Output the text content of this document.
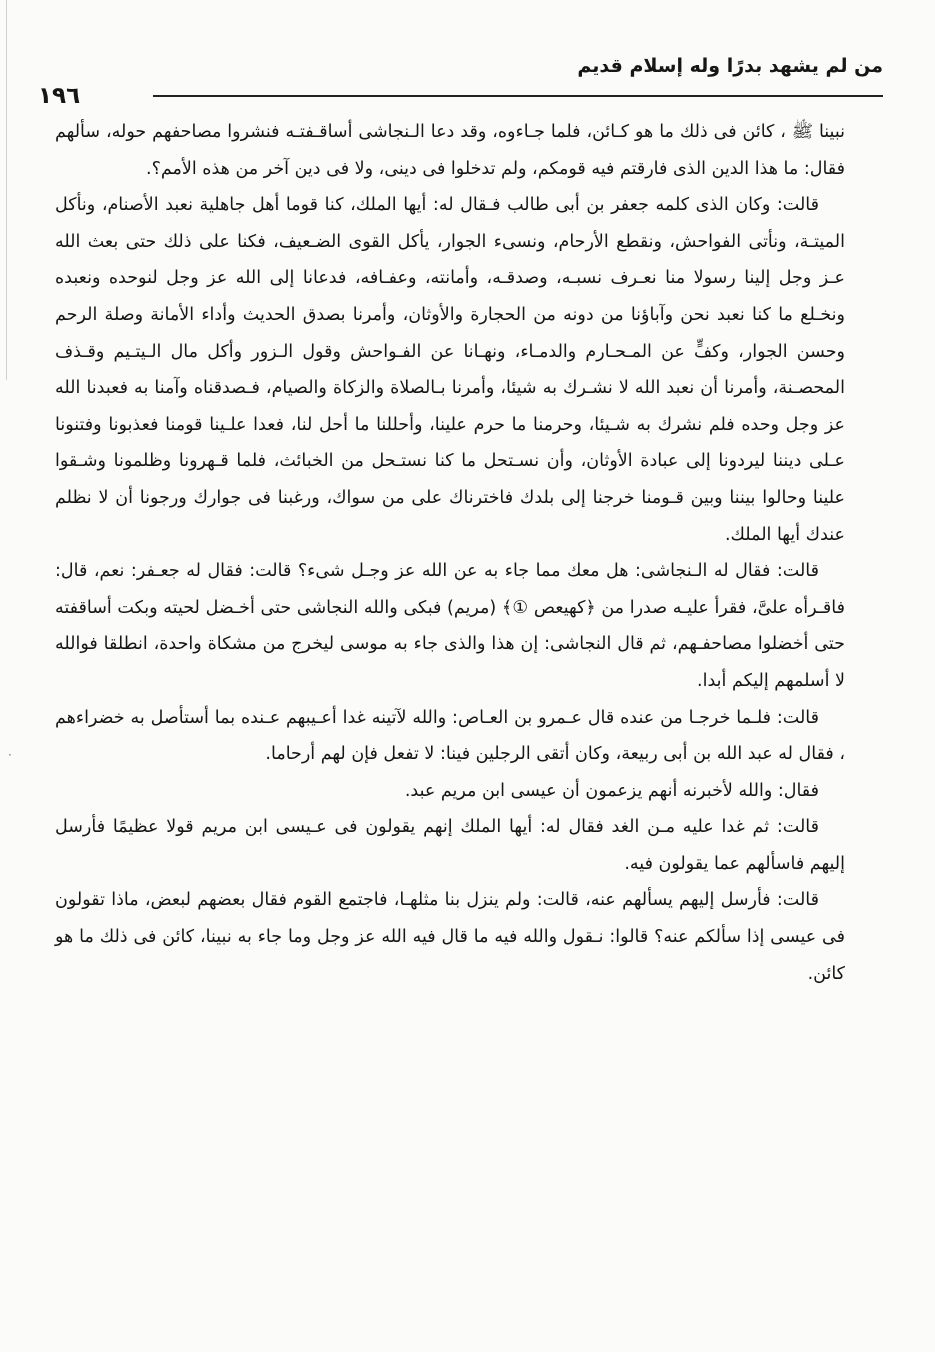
·
من لم يشهد بدرًا وله إسلام قديم
١٩٦

نبينا ﷺ ، كائن فى ذلك ما هو كـائن، فلما جـاءوه، وقد دعا الـنجاشى أساقـفتـه فنشروا مصاحفهم حوله، سألهم فقال: ما هذا الدين الذى فارقتم فيه قومكم، ولم تدخلوا فى دينى، ولا فى دين آخر من هذه الأمم؟.

قالت: وكان الذى كلمه جعفر بن أبى طالب فـقال له: أيها الملك، كنا قوما أهل جاهلية نعبد الأصنام، ونأكل الميتـة، ونأتى الفواحش، ونقطع الأرحام، ونسىء الجوار، يأكل القوى الضـعيف، فكنا على ذلك حتى بعث الله عـز وجل إلينا رسولا منا نعـرف نسبـه، وصدقـه، وأمانته، وعفـافه، فدعانا إلى الله عز وجل لنوحده ونعبده ونخـلع ما كنا نعبد نحن وآباؤنا من دونه من الحجارة والأوثان، وأمرنا بصدق الحديث وأداء الأمانة وصلة الرحم وحسن الجوار، وكفٍّ عن المـحـارم والدمـاء، ونهـانا عن الفـواحش وقول الـزور وأكل مال الـيتـيم وقـذف المحصـنة، وأمرنا أن نعبد الله لا نشـرك به شيئا، وأمرنا بـالصلاة والزكاة والصيام، فـصدقناه وآمنا به فعبدنا الله عز وجل وحده فلم نشرك به شـيئا، وحرمنا ما حرم علينا، وأحللنا ما أحل لنا، فعدا علـينا قومنا فعذبونا وفتنونا عـلى ديننا ليردونا إلى عبادة الأوثان، وأن نسـتحل ما كنا نستـحل من الخبائث، فلما قـهرونا وظلمونا وشـقوا علينا وحالوا بيننا وبين قـومنا خرجنا إلى بلدك فاخترناك على من سواك، ورغبنا فى جوارك ورجونا أن لا نظلم عندك أيها الملك.

قالت: فقال له الـنجاشى: هل معك مما جاء به عن الله عز وجـل شىء؟ قالت: فقال له جعـفر: نعم، قال: فاقـرأه علىَّ، فقرأ عليـه صدرا من ﴿كهيعص ①﴾ (مريم) فبكى والله النجاشى حتى أخـضل لحيته وبكت أساقفته حتى أخضلوا مصاحفـهم، ثم قال النجاشى: إن هذا والذى جاء به موسى ليخرج من مشكاة واحدة، انطلقا فوالله لا أسلمهم إليكم أبدا.

قالت: فلـما خرجـا من عنده قال عـمرو بن العـاص: والله لآتينه غدا أعـيبهم عـنده بما أستأصل به خضراءهم ، فقال له عبد الله بن أبى ربيعة، وكان أتقى الرجلين فينا: لا تفعل فإن لهم أرحاما.

فقال: والله لأخبرنه أنهم يزعمون أن عيسى ابن مريم عبد.

قالت: ثم غدا عليه مـن الغد فقال له: أيها الملك إنهم يقولون فى عـيسى ابن مريم قولا عظيمًا فأرسل إليهم فاسألهم عما يقولون فيه.

قالت: فأرسل إليهم يسألهم عنه، قالت: ولم ينزل بنا مثلهـا، فاجتمع القوم فقال بعضهم لبعض، ماذا تقولون فى عيسى إذا سألكم عنه؟ قالوا: نـقول والله فيه ما قال فيه الله عز وجل وما جاء به نبينا، كائن فى ذلك ما هو كائن.
